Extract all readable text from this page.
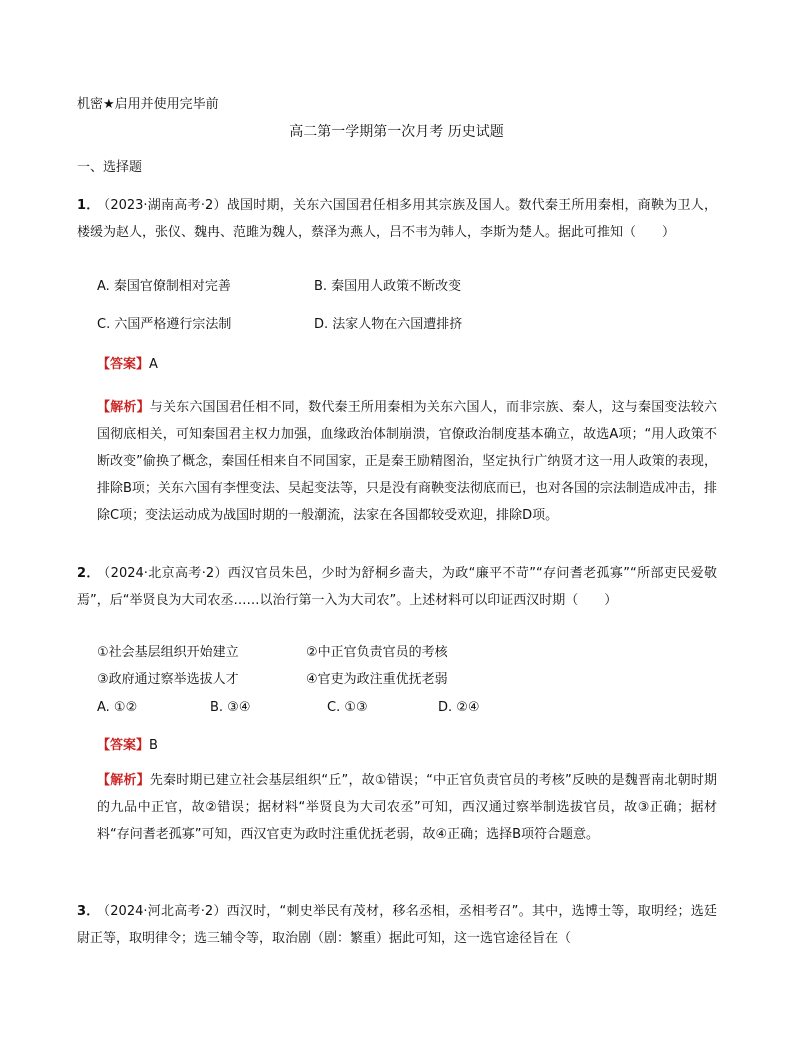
机密★启用并使用完毕前
高二第一学期第一次月考 历史试题
一、选择题
1． （2023·湖南高考·2）战国时期，关东六国国君任相多用其宗族及国人。数代秦王所用秦相，商鞅为卫人，楼缓为赵人，张仪、魏冉、范雎为魏人，蔡泽为燕人，吕不韦为韩人，李斯为楚人。据此可推知（　　）
A. 秦国官僚制相对完善	B. 秦国用人政策不断改变
C. 六国严格遵行宗法制	D. 法家人物在六国遭排挤
【答案】A
【解析】与关东六国国君任相不同，数代秦王所用秦相为关东六国人，而非宗族、秦人，这与秦国变法较六国彻底相关，可知秦国君主权力加强，血缘政治体制崩溃，官僚政治制度基本确立，故选A项；“用人政策不断改变”偷换了概念，秦国任相来自不同国家，正是秦王励精图治，坚定执行广纳贤才这一用人政策的表现，排除B项；关东六国有李悝变法、吴起变法等，只是没有商鞅变法彻底而已，也对各国的宗法制造成冲击，排除C项；变法运动成为战国时期的一般潮流，法家在各国都较受欢迎，排除D项。
2． （2024·北京高考·2）西汉官员朱邑，少时为舒桐乡啬夫，为政“廉平不苛”“存问耆老孤寡”“所部吏民爱敬焉”，后“举贤良为大司农丞……以治行第一入为大司农”。上述材料可以印证西汉时期（　　）
①社会基层组织开始建立	②中正官负责官员的考核
③政府通过察举选拔人才	④官吏为政注重优抚老弱
A. ①②	B. ③④	C. ①③	D. ②④
【答案】B
【解析】先秦时期已建立社会基层组织“丘”，故①错误；“中正官负责官员的考核”反映的是魏晋南北朝时期的九品中正官，故②错误；据材料“举贤良为大司农丞”可知，西汉通过察举制选拔官员，故③正确；据材料“存问耆老孤寡”可知，西汉官吏为政时注重优抚老弱，故④正确；选择B项符合题意。
3． （2024·河北高考·2）西汉时，“刺史举民有茂材，移名丞相，丞相考召”。其中，选博士等，取明经；选廷尉正等，取明律令；选三辅令等，取治剧（剧：繁重）据此可知，这一选官途径旨在（
